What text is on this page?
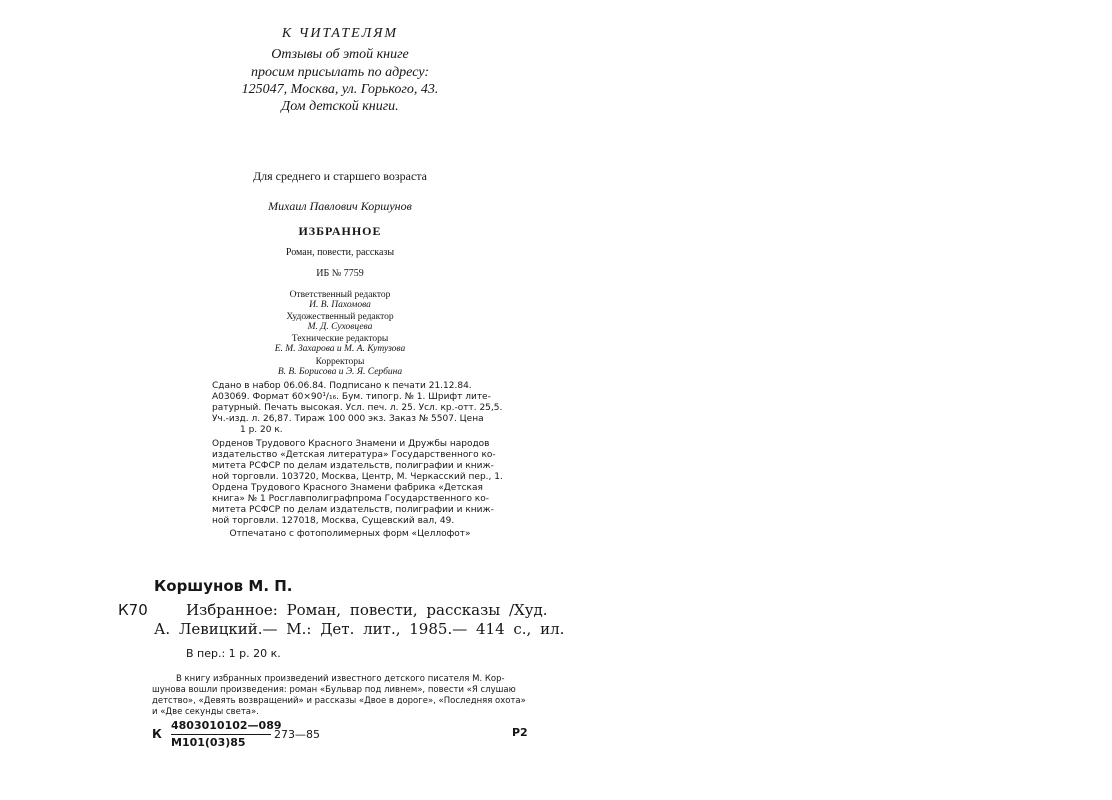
К ЧИТАТЕЛЯМ
Отзывы об этой книге
просим присылать по адресу:
125047, Москва, ул. Горького, 43.
Дом детской книги.
Для среднего и старшего возраста
Михаил Павлович Коршунов
ИЗБРАННОЕ
Роман, повести, рассказы
ИБ № 7759
Ответственный редактор
И. В. Пахомова
Художественный редактор
М. Д. Суховцева
Технические редакторы
Е. М. Захарова и М. А. Кутузова
Корректоры
В. В. Борисова и Э. Я. Сербина
Сдано в набор 06.06.84. Подписано к печати 21.12.84.
А03069. Формат 60×90¹/₁₆. Бум. типогр. № 1. Шрифт лите-
ратурный. Печать высокая. Усл. печ. л. 25. Усл. кр.-отт. 25,5.
Уч.-изд. л. 26,87. Тираж 100 000 экз. Заказ № 5507. Цена
1 р. 20 к.
Орденов Трудового Красного Знамени и Дружбы народов
издательство «Детская литература» Государственного ко-
митета РСФСР по делам издательств, полиграфии и книж-
ной торговли. 103720, Москва, Центр, М. Черкасский пер., 1.
Ордена Трудового Красного Знамени фабрика «Детская
книга» № 1 Росглавполиграфпрома Государственного ко-
митета РСФСР по делам издательств, полиграфии и книж-
ной торговли. 127018, Москва, Сущевский вал, 49.
Отпечатано с фотополимерных форм «Целлофот»
Коршунов М. П.
К70	Избранное: Роман, повести, рассказы /Худ.
А. Левицкий.— М.: Дет. лит., 1985.— 414 с., ил.
В пер.: 1 р. 20 к.
В книгу избранных произведений известного детского писателя М. Кор-
шунова вошли произведения: роман «Бульвар под ливнем», повести «Я слушаю
детство», «Девять возвращений» и рассказы «Двое в дороге», «Последняя охота»
и «Две секунды света».
К
4803010102—089
М101(03)85
273—85	Р2
